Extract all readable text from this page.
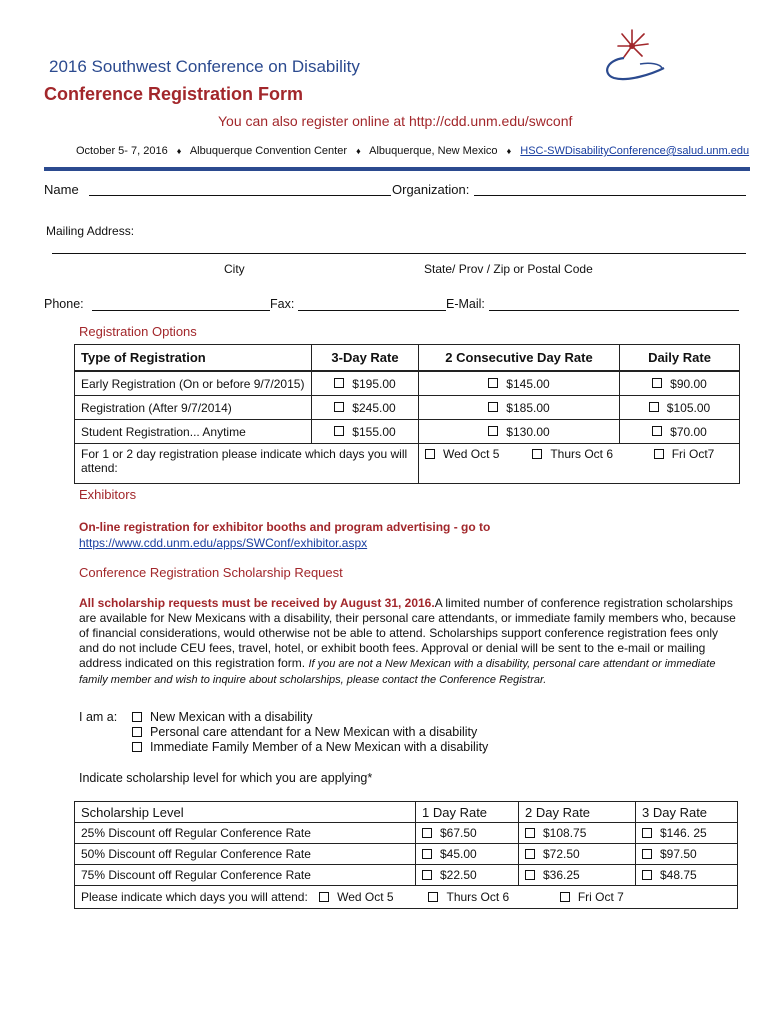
2016 Southwest Conference on Disability
Conference Registration Form
You can also register online at http://cdd.unm.edu/swconf
October 5- 7, 2016 ♦ Albuquerque Convention Center ♦ Albuquerque, New Mexico ♦ HSC-SWDisabilityConference@salud.unm.edu
Name	Organization:
Mailing Address:
City	State/ Prov / Zip or Postal Code
Phone:	Fax:	E-Mail:
Registration Options
Type of Registration	3-Day Rate	2 Consecutive Day Rate	Daily Rate
Early Registration (On or before 9/7/2015)	$195.00	$145.00	$90.00
Registration (After 9/7/2014)	$245.00	$185.00	$105.00
Student Registration... Anytime	$155.00	$130.00	$70.00
For 1 or 2 day registration please indicate which days you will attend:		Wed Oct 5 Thurs Oct 6 Fri Oct7	
Exhibitors
On-line registration for exhibitor booths and program advertising - go to
https://www.cdd.unm.edu/apps/SWConf/exhibitor.aspx
Conference Registration Scholarship Request
All scholarship requests must be received by August 31, 2016.A limited number of conference registration scholarships are available for New Mexicans with a disability, their personal care attendants, or immediate family members who, because of financial considerations, would otherwise not be able to attend. Scholarships support conference registration fees only and do not include CEU fees, travel, hotel, or exhibit booth fees. Approval or denial will be sent to the e-mail or mailing address indicated on this registration form. If you are not a New Mexican with a disability, personal care attendant or immediate family member and wish to inquire about scholarships, please contact the Conference Registrar.
I am a:	New Mexican with a disability
Personal care attendant for a New Mexican with a disability
Immediate Family Member of a New Mexican with a disability
Indicate scholarship level for which you are applying*
Scholarship Level	1 Day Rate	2 Day Rate	3 Day Rate
25% Discount off Regular Conference Rate	$67.50	$108.75	$146. 25
50% Discount off Regular Conference Rate	$45.00	$72.50	$97.50
75% Discount off Regular Conference Rate	$22.50	$36.25	$48.75
Please indicate which days you will attend: Wed Oct 5 Thurs Oct 6 Fri Oct 7			
